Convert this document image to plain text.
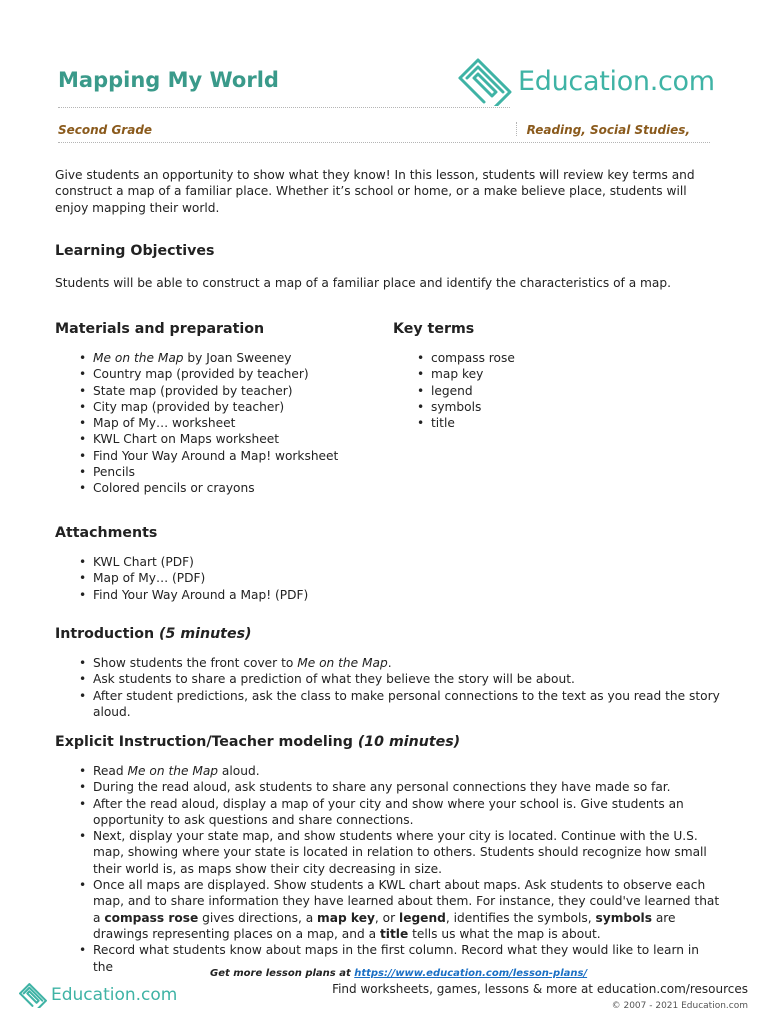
Mapping My World	Education.com
Second Grade	Reading, Social Studies,
Give students an opportunity to show what they know! In this lesson, students will review key terms and construct a map of a familiar place. Whether it’s school or home, or a make believe place, students will enjoy mapping their world.
Learning Objectives
Students will be able to construct a map of a familiar place and identify the characteristics of a map.
Materials and preparation
• Me on the Map by Joan Sweeney
• Country map (provided by teacher)
• State map (provided by teacher)
• City map (provided by teacher)
• Map of My… worksheet
• KWL Chart on Maps worksheet
• Find Your Way Around a Map! worksheet
• Pencils
• Colored pencils or crayons
Key terms
• compass rose
• map key
• legend
• symbols
• title
Attachments
• KWL Chart (PDF)
• Map of My… (PDF)
• Find Your Way Around a Map! (PDF)
Introduction (5 minutes)
• Show students the front cover to Me on the Map.
• Ask students to share a prediction of what they believe the story will be about.
• After student predictions, ask the class to make personal connections to the text as you read the story aloud.
Explicit Instruction/Teacher modeling (10 minutes)
• Read Me on the Map aloud.
• During the read aloud, ask students to share any personal connections they have made so far.
• After the read aloud, display a map of your city and show where your school is. Give students an opportunity to ask questions and share connections.
• Next, display your state map, and show students where your city is located. Continue with the U.S. map, showing where your state is located in relation to others. Students should recognize how small their world is, as maps show their city decreasing in size.
• Once all maps are displayed. Show students a KWL chart about maps. Ask students to observe each map, and to share information they have learned about them. For instance, they could've learned that a compass rose gives directions, a map key, or legend, identifies the symbols, symbols are drawings representing places on a map, and a title tells us what the map is about.
• Record what students know about maps in the first column. Record what they would like to learn in the	Get more lesson plans at https://www.education.com/lesson-plans/
Education.com	Find worksheets, games, lessons & more at education.com/resources
© 2007 - 2021 Education.com
